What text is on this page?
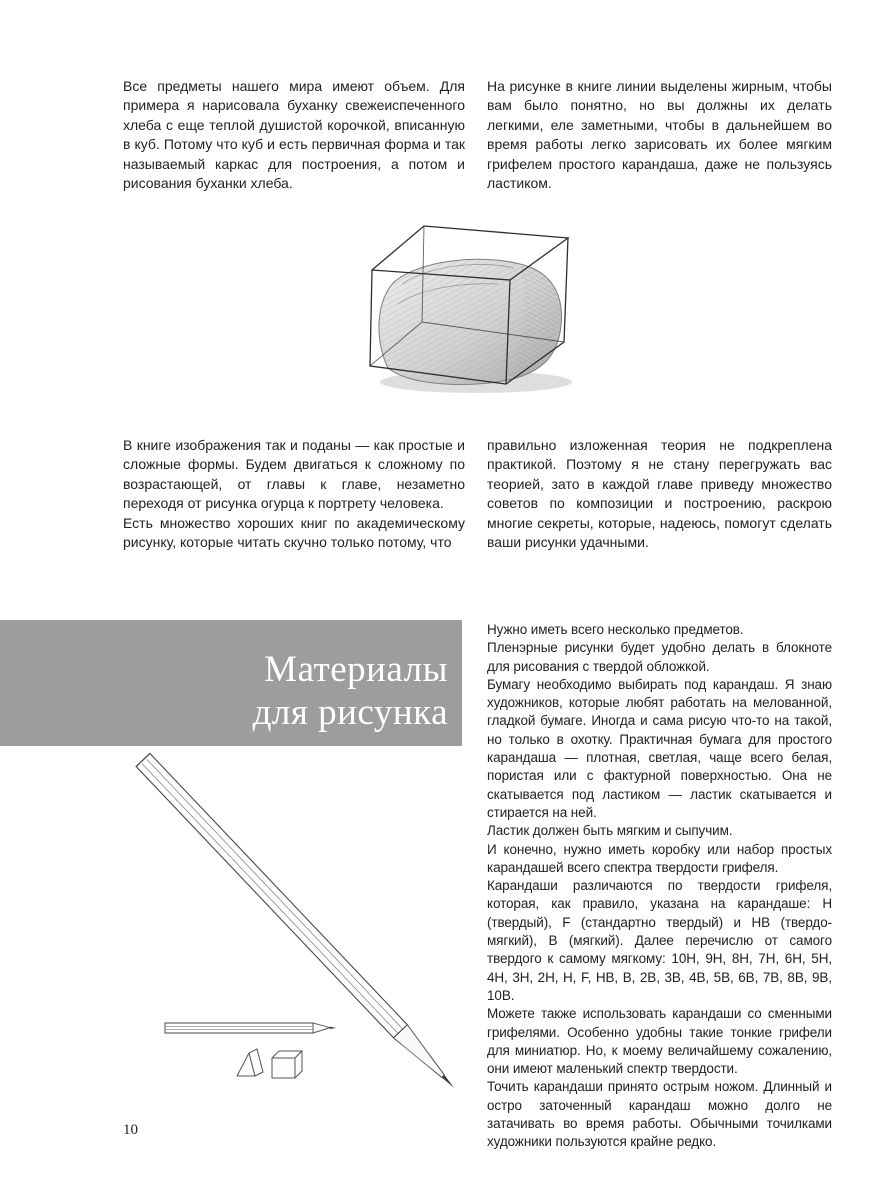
Все предметы нашего мира имеют объем. Для примера я нарисовала буханку свежеиспеченного хлеба с еще теплой душистой корочкой, вписанную в куб. Потому что куб и есть первичная форма и так называемый каркас для построения, а потом и рисования буханки хлеба.
На рисунке в книге линии выделены жирным, чтобы вам было понятно, но вы должны их делать легкими, еле заметными, чтобы в дальнейшем во время работы легко зарисовать их более мягким грифелем простого карандаша, даже не пользуясь ластиком.

В книге изображения так и поданы — как простые и сложные формы. Будем двигаться к сложному по возрастающей, от главы к главе, незаметно переходя от рисунка огурца к портрету человека.

Есть множество хороших книг по академическому рисунку, которые читать скучно только потому, что

правильно изложенная теория не подкреплена практикой. Поэтому я не стану перегружать вас теорией, зато в каждой главе приведу множество советов по композиции и построению, раскрою многие секреты, которые, надеюсь, помогут сделать ваши рисунки удачными.
Материалы
для рисунка

Нужно иметь всего несколько предметов.

Пленэрные рисунки будет удобно делать в блокноте для рисования с твердой обложкой.

Бумагу необходимо выбирать под карандаш. Я знаю художников, которые любят работать на мелованной, гладкой бумаге. Иногда и сама рисую что-то на такой, но только в охотку. Практичная бумага для простого карандаша — плотная, светлая, чаще всего белая, пористая или с фактурной поверхностью. Она не скатывается под ластиком — ластик скатывается и стирается на ней.

Ластик должен быть мягким и сыпучим.

И конечно, нужно иметь коробку или набор простых карандашей всего спектра твердости грифеля.

Карандаши различаются по твердости грифеля, которая, как правило, указана на карандаше: H (твердый), F (стандартно твердый) и HB (твердо-мягкий), B (мягкий). Далее перечислю от самого твердого к самому мягкому: 10H, 9H, 8H, 7H, 6H, 5H, 4H, 3H, 2H, H, F, HB, B, 2B, 3B, 4B, 5B, 6B, 7B, 8B, 9B, 10B.

Можете также использовать карандаши со сменными грифелями. Особенно удобны такие тонкие грифели для миниатюр. Но, к моему величайшему сожалению, они имеют маленький спектр твердости.

Точить карандаши принято острым ножом. Длинный и остро заточенный карандаш можно долго не затачивать во время работы. Обычными точилками художники пользуются крайне редко.

10
